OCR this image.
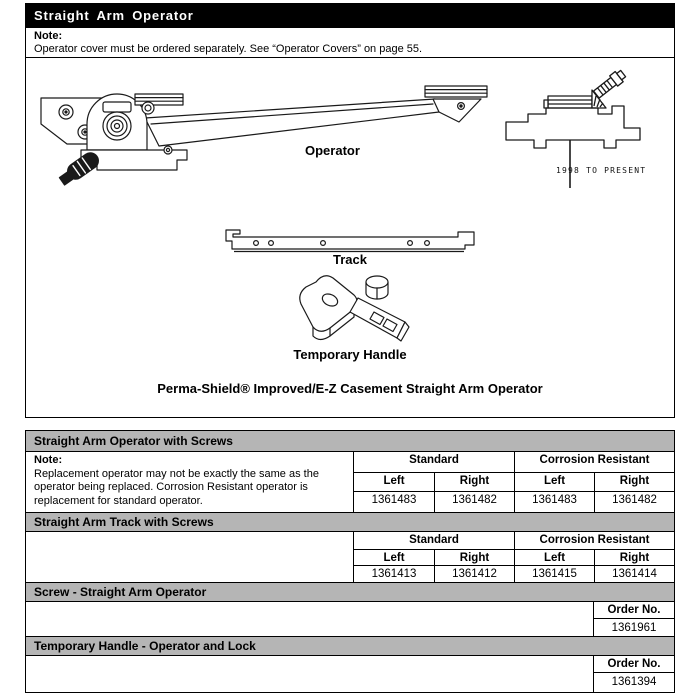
Straight Arm Operator
Note:
Operator cover must be ordered separately. See “Operator Covers” on page 55.
Operator
1998 TO PRESENT
Track
Temporary Handle
Perma-Shield® Improved/E-Z Casement Straight Arm Operator
Straight Arm Operator with Screws
Note:
Replacement operator may not be exactly the same as the operator being replaced. Corrosion Resistant operator is replacement for standard operator.
Standard	Corrosion Resistant
Left	Right	Left	Right
1361483	1361482	1361483	1361482
Straight Arm Track with Screws
Standard	Corrosion Resistant
Left	Right	Left	Right
1361413	1361412	1361415	1361414
Screw - Straight Arm Operator
Order No.
1361961
Temporary Handle - Operator and Lock
Order No.
1361394
